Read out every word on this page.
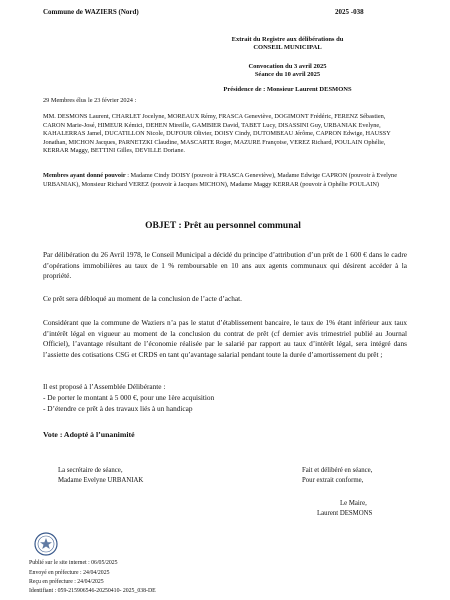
Commune de WAZIERS (Nord)	2025 -038
Extrait du Registre aux délibérations du
CONSEIL MUNICIPAL
Convocation du 3 avril 2025
Séance du 10 avril 2025
Présidence de : Monsieur Laurent DESMONS
29 Membres élus le 23 février 2024 :
MM. DESMONS Laurent, CHARLET Jocelyne, MOREAUX Rémy, FRASCA Geneviève, DOGIMONT Frédéric, FERENZ Sébastien, CARON Marie-José, HIMEUR Kémici, DEHEN Mireille, GAMBIER David, TABET Lucy, DISASSINI Guy, URBANIAK Evelyne, KAHALERRAS Jamel, DUCATILLON Nicole, DUFOUR Olivier, DOISY Cindy, DUTOMBEAU Jérôme, CAPRON Edwige, HAUSSY Jonathan, MICHON Jacques, PARNETZKI Claudine, MASCARTE Roger, MAZURE Françoise, VEREZ Richard, POULAIN Ophélie, KERRAR Maggy, BETTINI Gilles, DEVILLE Doriane.
Membres ayant donné pouvoir : Madame Cindy DOISY (pouvoir à FRASCA Geneviève), Madame Edwige CAPRON (pouvoir à Evelyne URBANIAK), Monsieur Richard VEREZ (pouvoir à Jacques MICHON), Madame Maggy KERRAR (pouvoir à Ophélie POULAIN)
OBJET : Prêt au personnel communal
Par délibération du 26 Avril 1978, le Conseil Municipal a décidé du principe d’attribution d’un prêt de 1 600 € dans le cadre d’opérations immobilières au taux de 1 % remboursable en 10 ans aux agents communaux qui désirent accéder à la propriété.
Ce prêt sera débloqué au moment de la conclusion de l’acte d’achat.
Considérant que la commune de Waziers n’a pas le statut d’établissement bancaire, le taux de 1% étant inférieur aux taux d’intérêt légal en vigueur au moment de la conclusion du contrat de prêt (cf dernier avis trimestriel publié au Journal Officiel), l’avantage résultant de l’économie réalisée par le salarié par rapport au taux d’intérêt légal, sera intégré dans l’assiette des cotisations CSG et CRDS en tant qu’avantage salarial pendant toute la durée d’amortissement du prêt ;
Il est proposé à l’Assemblée Délibérante :
- De porter le montant à 5 000 €, pour une 1ère acquisition
- D’étendre ce prêt à des travaux liés à un handicap
Vote : Adopté à l’unanimité
La secrétaire de séance,
Madame Evelyne URBANIAK
Fait et délibéré en séance,
Pour extrait conforme,
Le Maire,
Laurent DESMONS
Publié sur le site internet : 06/05/2025
Envoyé en préfecture : 24/04/2025
Reçu en préfecture : 24/04/2025
Identifiant : 059-215906546-20250410- 2025_038-DE
